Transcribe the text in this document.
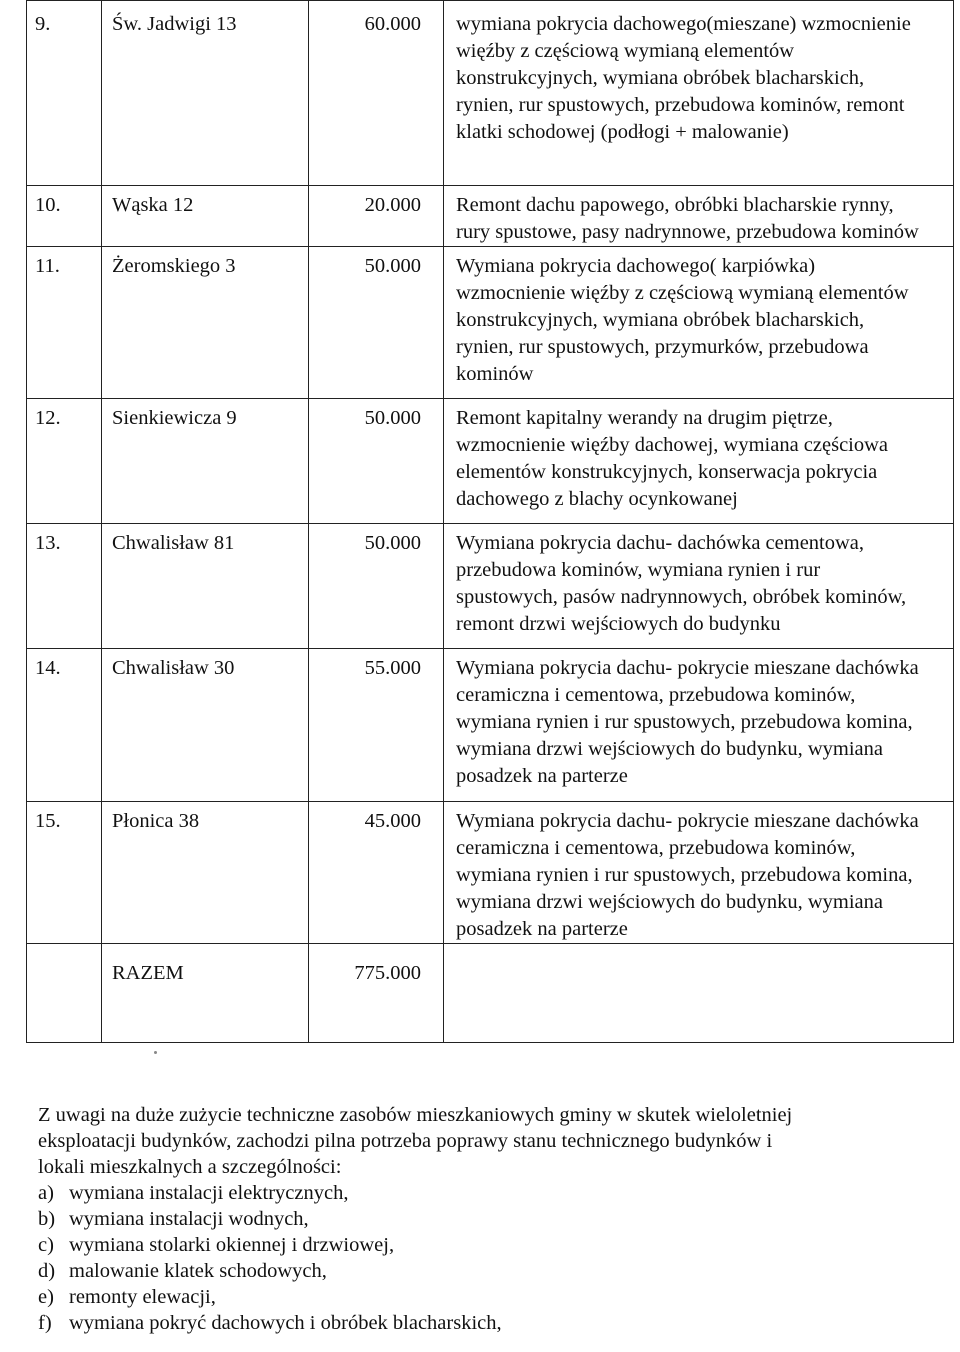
9.	Św. Jadwigi 13	60.000	wymiana pokrycia dachowego(mieszane) wzmocnienie
więźby z częściową wymianą elementów
konstrukcyjnych, wymiana obróbek blacharskich,
rynien, rur spustowych, przebudowa kominów, remont
klatki schodowej (podłogi + malowanie)

10.	Wąska 12	20.000	Remont dachu papowego, obróbki blacharskie rynny,
rury spustowe, pasy nadrynnowe, przebudowa kominów

11.	Żeromskiego 3	50.000	Wymiana pokrycia dachowego( karpiówka)
wzmocnienie więźby z częściową wymianą elementów
konstrukcyjnych, wymiana obróbek blacharskich,
rynien, rur spustowych, przymurków, przebudowa
kominów

12.	Sienkiewicza 9	50.000	Remont kapitalny werandy na drugim piętrze,
wzmocnienie więźby dachowej, wymiana częściowa
elementów konstrukcyjnych, konserwacja pokrycia
dachowego z blachy ocynkowanej

13.	Chwalisław 81	50.000	Wymiana pokrycia dachu- dachówka cementowa,
przebudowa kominów, wymiana rynien i rur
spustowych, pasów nadrynnowych, obróbek kominów,
remont drzwi wejściowych do budynku

14.	Chwalisław 30	55.000	Wymiana pokrycia dachu- pokrycie mieszane dachówka
ceramiczna i cementowa, przebudowa kominów,
wymiana rynien i rur spustowych, przebudowa komina,
wymiana drzwi wejściowych do budynku, wymiana
posadzek na parterze

15.	Płonica 38	45.000	Wymiana pokrycia dachu- pokrycie mieszane dachówka
ceramiczna i cementowa, przebudowa kominów,
wymiana rynien i rur spustowych, przebudowa komina,
wymiana drzwi wejściowych do budynku, wymiana
posadzek na parterze

	RAZEM	775.000	
Z uwagi na duże zużycie techniczne zasobów mieszkaniowych gminy w skutek wieloletniej
eksploatacji budynków, zachodzi pilna potrzeba poprawy stanu technicznego budynków i
lokali mieszkalnych a szczególności:
a) wymiana instalacji elektrycznych,
b) wymiana instalacji wodnych,
c) wymiana stolarki okiennej i drzwiowej,
d) malowanie klatek schodowych,
e) remonty elewacji,
f) wymiana pokryć dachowych i obróbek blacharskich,
